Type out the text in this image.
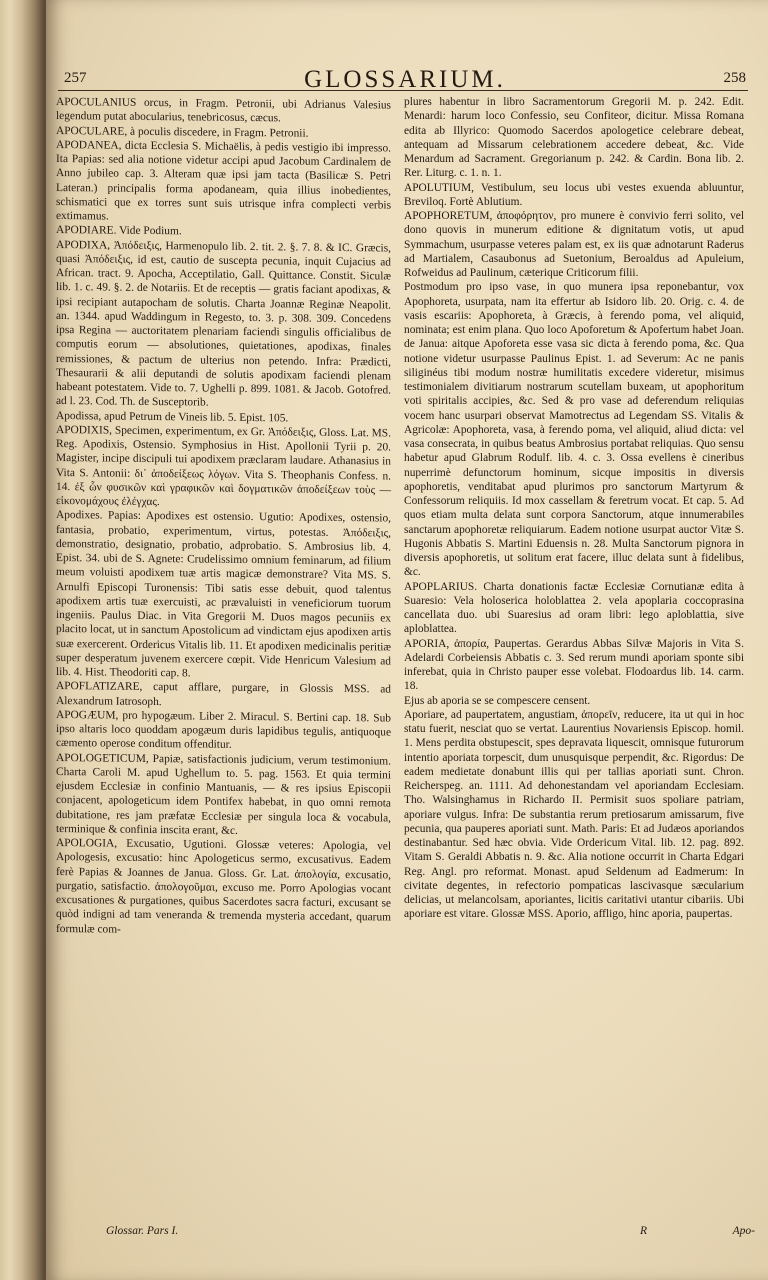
257	GLOSSARIUM.	258

APOCULANIUS orcus, in Fragm. Petronii, ubi Adrianus Valesius legendum putat abocularius, tenebricosus, cæcus.

APOCULARE, à poculis discedere, in Fragm. Petronii.

APODANEA, dicta Ecclesia S. Michaëlis, à pedis vestigio ibi impresso. Ita Papias: sed alia notione videtur accipi apud Jacobum Cardinalem de Anno jubileo cap. 3. Alteram quæ ipsi jam tacta (Basilicæ S. Petri Lateran.) principalis forma apodaneam, quia illius inobedientes, schismatici que ex torres sunt suis utrisque infra complecti verbis extimamus.

APODIARE. Vide Podium.

APODIXA, Ἀπόδειξις, Harmenopulo lib. 2. tit. 2. §. 7. 8. & IC. Græcis, quasi Ἀπόδειξις, id est, cautio de suscepta pecunia, inquit Cujacius ad African. tract. 9. Apocha, Acceptilatio, Gall. Quittance. Constit. Siculæ lib. 1. c. 49. §. 2. de Notariis. Et de receptis — gratis faciant apodixas, & ipsi recipiant autapocham de solutis. Charta Joannæ Reginæ Neapolit. an. 1344. apud Waddingum in Regesto, to. 3. p. 308. 309. Concedens ipsa Regina — auctoritatem plenariam faciendi singulis officialibus de computis eorum — absolutiones, quietationes, apodixas, finales remissiones, & pactum de ulterius non petendo. Infra: Prædicti, Thesaurarii & alii deputandi de solutis apodixam faciendi plenam habeant potestatem. Vide to. 7. Ughelli p. 899. 1081. & Jacob. Gotofred. ad l. 23. Cod. Th. de Susceptorib.

Apodissa, apud Petrum de Vineis lib. 5. Epist. 105.

APODIXIS, Specimen, experimentum, ex Gr. Ἀπόδειξις, Gloss. Lat. MS. Reg. Apodixis, Ostensio. Symphosius in Hist. Apollonii Tyrii p. 20. Magister, incipe discipuli tui apodixem præclaram laudare. Athanasius in Vita S. Antonii: δι᾽ ἀποδείξεως λόγων. Vita S. Theophanis Confess. n. 14. ἐξ ὧν φυσικῶν καὶ γραφικῶν καὶ δογματικῶν ἀποδείξεων τοὺς — εἰκονομάχους ἐλέγχας.

Apodixes. Papias: Apodixes est ostensio. Ugutio: Apodixes, ostensio, fantasia, probatio, experimentum, virtus, potestas. Ἀπόδειξις, demonstratio, designatio, probatio, adprobatio. S. Ambrosius lib. 4. Epist. 34. ubi de S. Agnete: Crudelissimo omnium feminarum, ad filium meum voluisti apodixem tuæ artis magicæ demonstrare? Vita MS. S. Arnulfi Episcopi Turonensis: Tibi satis esse debuit, quod talentus apodixem artis tuæ exercuisti, ac prævaluisti in veneficiorum tuorum ingeniis. Paulus Diac. in Vita Gregorii M. Duos magos pecuniis ex placito locat, ut in sanctum Apostolicum ad vindictam ejus apodixen artis suæ exercerent. Ordericus Vitalis lib. 11. Et apodixen medicinalis peritiæ super desperatum juvenem exercere cœpit. Vide Henricum Valesium ad lib. 4. Hist. Theodoriti cap. 8.

APOFLATIZARE, caput afflare, purgare, in Glossis MSS. ad Alexandrum Iatrosoph.

APOGÆUM, pro hypogæum. Liber 2. Miracul. S. Bertini cap. 18. Sub ipso altaris loco quoddam apogæum duris lapidibus tegulis, antiquoque cæmento operose conditum offenditur.

APOLOGETICUM, Papiæ, satisfactionis judicium, verum testimonium. Charta Caroli M. apud Ughellum to. 5. pag. 1563. Et quia termini ejusdem Ecclesiæ in confinio Mantuanis, — & res ipsius Episcopii conjacent, apologeticum idem Pontifex habebat, in quo omni remota dubitatione, res jam præfatæ Ecclesiæ per singula loca & vocabula, terminique & confinia inscita erant, &c.

APOLOGIA, Excusatio, Ugutioni. Glossæ veteres: Apologia, vel Apologesis, excusatio: hinc Apologeticus sermo, excusativus. Eadem ferè Papias & Joannes de Janua. Gloss. Gr. Lat. ἀπολογία, excusatio, purgatio, satisfactio. ἀπολογοῦμαι, excuso me. Porro Apologias vocant excusationes & purgationes, quibus Sacerdotes sacra facturi, excusant se quòd indigni ad tam veneranda & tremenda mysteria accedant, quarum formulæ com-

plures habentur in libro Sacramentorum Gregorii M. p. 242. Edit. Menardi: harum loco Confessio, seu Confiteor, dicitur. Missa Romana edita ab Illyrico: Quomodo Sacerdos apologetice celebrare debeat, antequam ad Missarum celebrationem accedere debeat, &c. Vide Menardum ad Sacrament. Gregorianum p. 242. & Cardin. Bona lib. 2. Rer. Liturg. c. 1. n. 1.

APOLUTIUM, Vestibulum, seu locus ubi vestes exuenda abluuntur, Breviloq. Fortè Ablutium.

APOPHORETUM, ἀποφόρητον, pro munere è convivio ferri solito, vel dono quovis in munerum editione & dignitatum votis, ut apud Symmachum, usurpasse veteres palam est, ex iis quæ adnotarunt Raderus ad Martialem, Casaubonus ad Suetonium, Beroaldus ad Apuleium, Rofweidus ad Paulinum, cæterique Criticorum filii.

Postmodum pro ipso vase, in quo munera ipsa reponebantur, vox Apophoreta, usurpata, nam ita effertur ab Isidoro lib. 20. Orig. c. 4. de vasis escariis: Apophoreta, à Græcis, à ferendo poma, vel aliquid, nominata; est enim plana. Quo loco Apoforetum & Apofertum habet Joan. de Janua: aitque Apoforeta esse vasa sic dicta à ferendo poma, &c. Qua notione videtur usurpasse Paulinus Epist. 1. ad Severum: Ac ne panis siliginéus tibi modum nostræ humilitatis excedere videretur, misimus testimonialem divitiarum nostrarum scutellam buxeam, ut apophoritum voti spiritalis accipies, &c. Sed & pro vase ad deferendum reliquias vocem hanc usurpari observat Mamotrectus ad Legendam SS. Vitalis & Agricolæ: Apophoreta, vasa, à ferendo poma, vel aliquid, aliud dicta: vel vasa consecrata, in quibus beatus Ambrosius portabat reliquias. Quo sensu habetur apud Glabrum Rodulf. lib. 4. c. 3. Ossa evellens è cineribus nuperrimè defunctorum hominum, sicque impositis in diversis apophoretis, venditabat apud plurimos pro sanctorum Martyrum & Confessorum reliquiis. Id mox cassellam & feretrum vocat. Et cap. 5. Ad quos etiam multa delata sunt corpora Sanctorum, atque innumerabiles sanctarum apophoretæ reliquiarum. Eadem notione usurpat auctor Vitæ S. Hugonis Abbatis S. Martini Eduensis n. 28. Multa Sanctorum pignora in diversis apophoretis, ut solitum erat facere, illuc delata sunt à fidelibus, &c.

APOPLARIUS. Charta donationis factæ Ecclesiæ Cornutianæ edita à Suaresio: Vela holoserica holoblattea 2. vela apoplaria coccoprasina cancellata duo. ubi Suaresius ad oram libri: lego aploblattia, sive aploblattea.

APORIA, ἀπορία, Paupertas. Gerardus Abbas Silvæ Majoris in Vita S. Adelardi Corbeiensis Abbatis c. 3. Sed rerum mundi aporiam sponte sibi inferebat, quia in Christo pauper esse volebat. Flodoardus lib. 14. carm. 18.

Ejus ab aporia se se compescere censent.

Aporiare, ad paupertatem, angustiam, ἀπορεῖν, reducere, ita ut qui in hoc statu fuerit, nesciat quo se vertat. Laurentius Novariensis Episcop. homil. 1. Mens perdita obstupescit, spes depravata liquescit, omnisque futurorum intentio aporiata torpescit, dum unusquisque perpendit, &c. Rigordus: De eadem medietate donabunt illis qui per tallias aporiati sunt. Chron. Reicherspeg. an. 1111. Ad dehonestandam vel aporiandam Ecclesiam. Tho. Walsinghamus in Richardo II. Permisit suos spoliare patriam, aporiare vulgus. Infra: De substantia rerum pretiosarum amissarum, five pecunia, qua pauperes aporiati sunt. Math. Paris: Et ad Judæos aporiandos destinabantur. Sed hæc obvia. Vide Ordericum Vital. lib. 12. pag. 892. Vitam S. Geraldi Abbatis n. 9. &c. Alia notione occurrit in Charta Edgari Reg. Angl. pro reformat. Monast. apud Seldenum ad Eadmerum: In civitate degentes, in refectorio pompaticas lascivasque sæcularium delicias, ut melancolsam, aporiantes, licitis caritativi utantur cibariis. Ubi aporiare est vitare. Glossæ MSS. Aporio, affligo, hinc aporia, paupertas.

Glossar. Pars I.	R	Apo-
